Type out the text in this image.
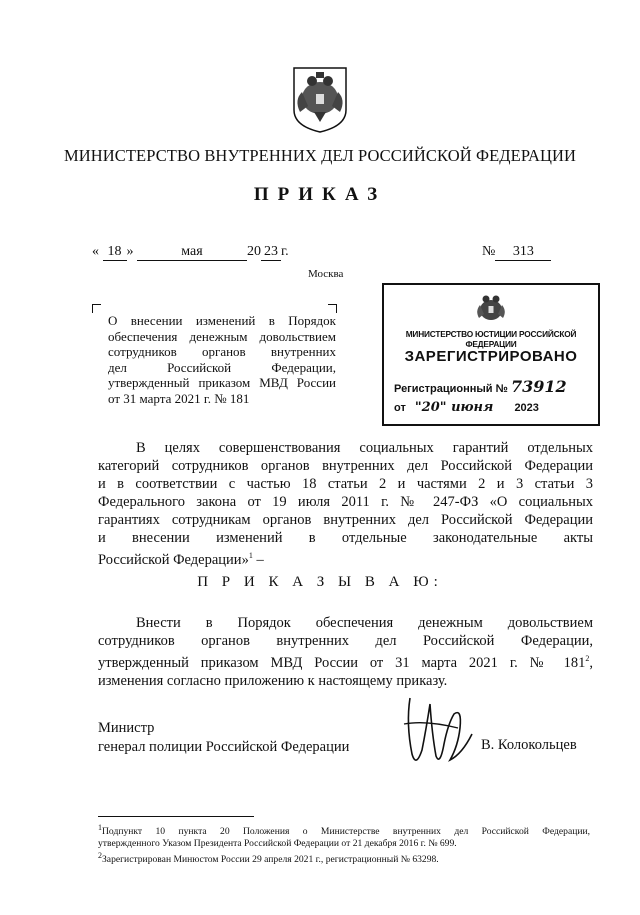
МИНИСТЕРСТВО ВНУТРЕННИХ ДЕЛ РОССИЙСКОЙ ФЕДЕРАЦИИ
ПРИКАЗ
« 18 »	мая	20 23 г.	№ 313
Москва

О внесении изменений в Порядок

обеспечения денежным довольствием

сотрудников органов внутренних

дел Российской Федерации,

утвержденный приказом МВД России

от 31 марта 2021 г. № 181

МИНИСТЕРСТВО ЮСТИЦИИ РОССИЙСКОЙ ФЕДЕРАЦИИ
ЗАРЕГИСТРИРОВАНО
Регистрационный № 73912
от "20" июня 2023

В целях совершенствования социальных гарантий отдельных

категорий сотрудников органов внутренних дел Российской Федерации

и в соответствии с частью 18 статьи 2 и частями 2 и 3 статьи 3

Федерального закона от 19 июля 2011 г. № 247-ФЗ «О социальных

гарантиях сотрудникам органов внутренних дел Российской Федерации

и внесении изменений в отдельные законодательные акты

Российской Федерации»$^1$ –

П Р И К А З Ы В А Ю:

Внести в Порядок обеспечения денежным довольствием

сотрудников органов внутренних дел Российской Федерации,

утвержденный приказом МВД России от 31 марта 2021 г. № $181^2$,

изменения согласно приложению к настоящему приказу.

Министр
генерал полиции Российской Федерации	В. Колокольцев

$^1$Подпункт 10 пункта 20 Положения о Министерстве внутренних дел Российской Федерации,

утвержденного Указом Президента Российской Федерации от 21 декабря 2016 г. № 699.

$^2$Зарегистрирован Минюстом России 29 апреля 2021 г., регистрационный № 63298.
